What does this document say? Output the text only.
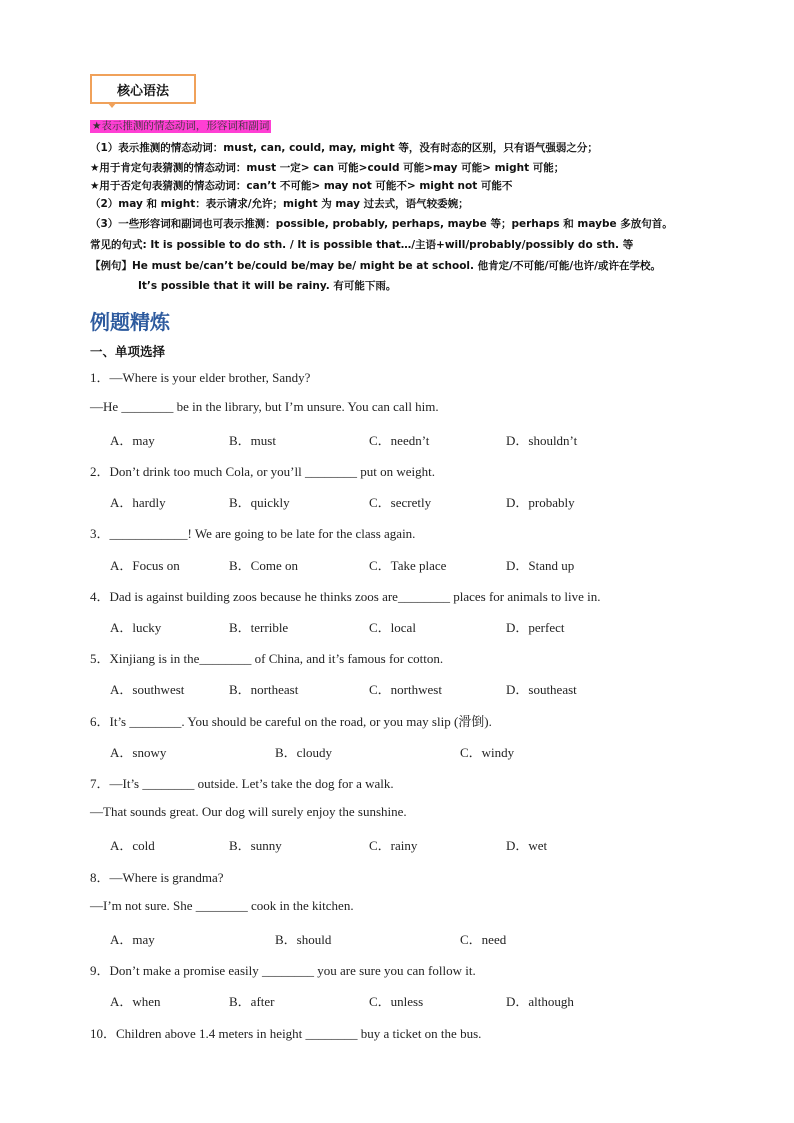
核心语法
★表示推测的情态动词，形容词和副词
（1）表示推测的情态动词：must, can, could, may, might 等，没有时态的区别，只有语气强弱之分；
★用于肯定句表猜测的情态动词：must 一定> can 可能>could 可能>may 可能> might 可能；
★用于否定句表猜测的情态动词：can’t 不可能> may not 可能不> might not 可能不
（2）may 和 might：表示请求/允许；might 为 may 过去式，语气较委婉；
（3）一些形容词和副词也可表示推测：possible, probably, perhaps, maybe 等；perhaps 和 maybe 多放句首。
常见的句式: It is possible to do sth. / It is possible that…/主语+will/probably/possibly do sth. 等
【例句】He must be/can’t be/could be/may be/ might be at school. 他肯定/不可能/可能/也许/或许在学校。
It’s possible that it will be rainy. 有可能下雨。
例题精炼
一、单项选择
1．—Where is your elder brother, Sandy?
—He ________ be in the library, but I’m unsure. You can call him.
A．may	B．must	C．needn’t	D．shouldn’t
2．Don’t drink too much Cola, or you’ll ________ put on weight.
A．hardly	B．quickly	C．secretly	D．probably
3．____________! We are going to be late for the class again.
A．Focus on	B．Come on	C．Take place	D．Stand up
4．Dad is against building zoos because he thinks zoos are________ places for animals to live in.
A．lucky	B．terrible	C．local	D．perfect
5．Xinjiang is in the________ of China, and it’s famous for cotton.
A．southwest	B．northeast	C．northwest	D．southeast
6．It’s ________. You should be careful on the road, or you may slip (滑倒).
A．snowy	B．cloudy	C．windy
7．—It’s ________ outside. Let’s take the dog for a walk.
—That sounds great. Our dog will surely enjoy the sunshine.
A．cold	B．sunny	C．rainy	D．wet
8．—Where is grandma?
—I’m not sure. She ________ cook in the kitchen.
A．may	B．should	C．need
9．Don’t make a promise easily ________ you are sure you can follow it.
A．when	B．after	C．unless	D．although
10．Children above 1.4 meters in height ________ buy a ticket on the bus.
